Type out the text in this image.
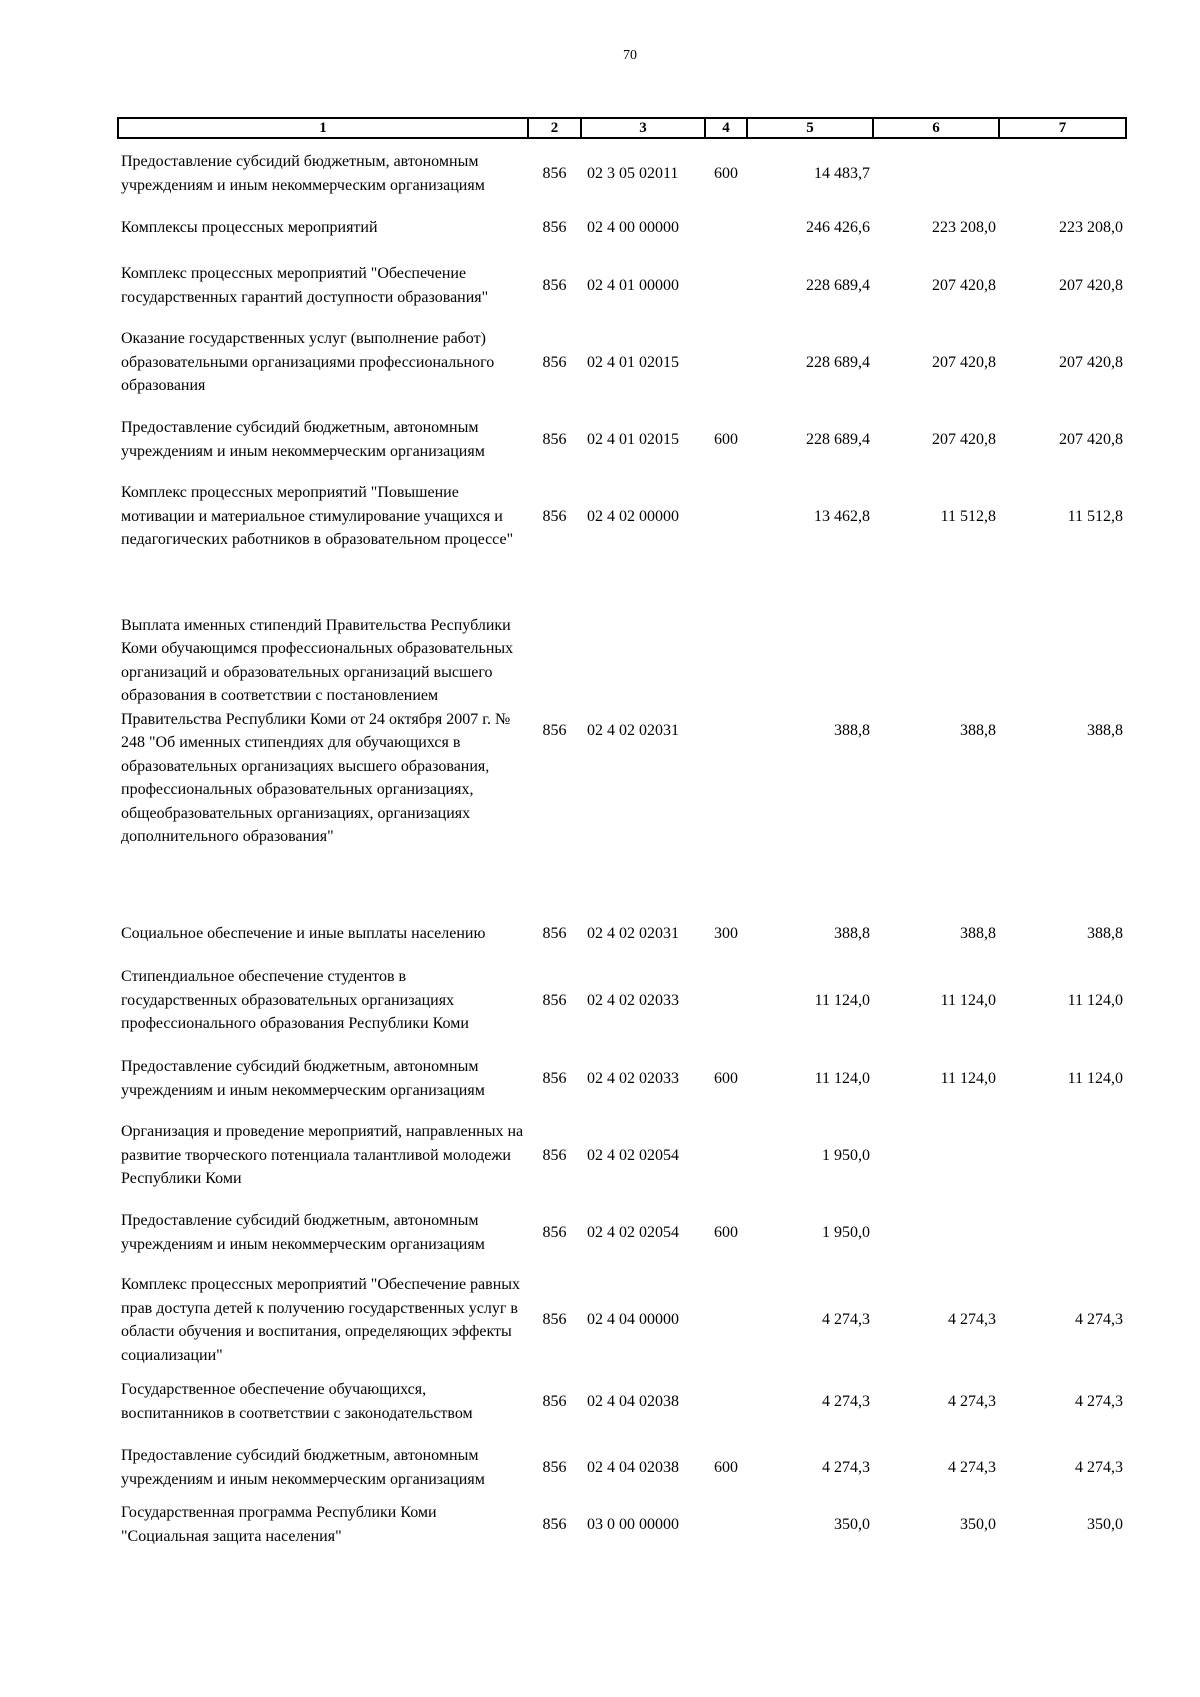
70
1	2	3	4	5	6	7
Предоставление субсидий бюджетным, автономным учреждениям и иным некоммерческим организациям	856	02 3 05 02011	600	14 483,7		
Комплексы процессных мероприятий	856	02 4 00 00000		246 426,6	223 208,0	223 208,0
Комплекс процессных мероприятий "Обеспечение государственных гарантий доступности образования"	856	02 4 01 00000		228 689,4	207 420,8	207 420,8
Оказание государственных услуг (выполнение работ) образовательными организациями профессионального образования	856	02 4 01 02015		228 689,4	207 420,8	207 420,8
Предоставление субсидий бюджетным, автономным учреждениям и иным некоммерческим организациям	856	02 4 01 02015	600	228 689,4	207 420,8	207 420,8
Комплекс процессных мероприятий "Повышение мотивации и материальное стимулирование учащихся и педагогических работников в образовательном процессе"	856	02 4 02 00000		13 462,8	11 512,8	11 512,8
Выплата именных стипендий Правительства Республики Коми обучающимся профессиональных образовательных организаций и образовательных организаций высшего образования в соответствии с постановлением Правительства Республики Коми от 24 октября 2007 г. № 248 "Об именных стипендиях для обучающихся в образовательных организациях высшего образования, профессиональных образовательных организациях, общеобразовательных организациях, организациях дополнительного образования"	856	02 4 02 02031		388,8	388,8	388,8
Социальное обеспечение и иные выплаты населению	856	02 4 02 02031	300	388,8	388,8	388,8
Стипендиальное обеспечение студентов в государственных образовательных организациях профессионального образования Республики Коми	856	02 4 02 02033		11 124,0	11 124,0	11 124,0
Предоставление субсидий бюджетным, автономным учреждениям и иным некоммерческим организациям	856	02 4 02 02033	600	11 124,0	11 124,0	11 124,0
Организация и проведение мероприятий, направленных на развитие творческого потенциала талантливой молодежи Республики Коми	856	02 4 02 02054		1 950,0		
Предоставление субсидий бюджетным, автономным учреждениям и иным некоммерческим организациям	856	02 4 02 02054	600	1 950,0		
Комплекс процессных мероприятий "Обеспечение равных прав доступа детей к получению государственных услуг в области обучения и воспитания, определяющих эффекты социализации"	856	02 4 04 00000		4 274,3	4 274,3	4 274,3
Государственное обеспечение обучающихся, воспитанников в соответствии с законодательством	856	02 4 04 02038		4 274,3	4 274,3	4 274,3
Предоставление субсидий бюджетным, автономным учреждениям и иным некоммерческим организациям	856	02 4 04 02038	600	4 274,3	4 274,3	4 274,3
Государственная программа Республики Коми "Социальная защита населения"	856	03 0 00 00000		350,0	350,0	350,0
